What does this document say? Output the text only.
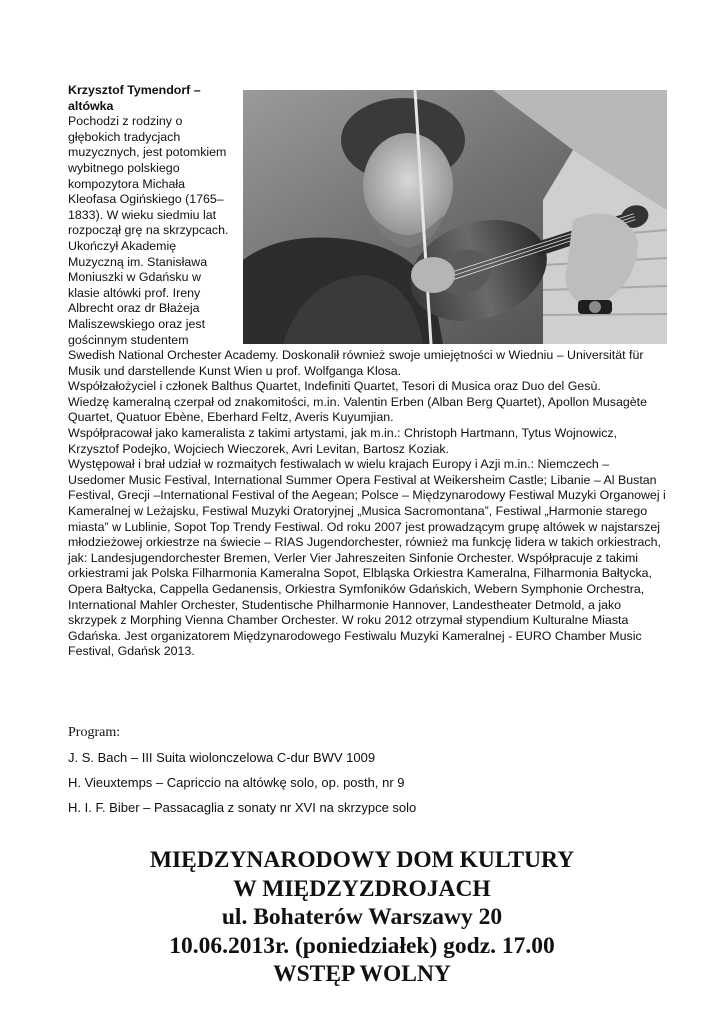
Krzysztof Tymendorf –
altówka

Pochodzi z rodziny o głębokich tradycjach muzycznych, jest potomkiem wybitnego polskiego kompozytora Michała Kleofasa Ogińskiego (1765–1833). W wieku siedmiu lat rozpoczął grę na skrzypcach. Ukończył Akademię Muzyczną im. Stanisława Moniuszki w Gdańsku w klasie altówki prof. Ireny Albrecht oraz dr Błażeja Maliszewskiego oraz jest gościnnym studentem Swedish National Orchester Academy. Doskonalił również swoje umiejętności w Wiedniu – Universität für Musik und darstellende Kunst Wien u prof. Wolfganga Klosa.

Współzałożyciel i członek Balthus Quartet, Indefiniti Quartet, Tesori di Musica oraz Duo del Gesù.

Wiedzę kameralną czerpał od znakomitości, m.in. Valentin Erben (Alban Berg Quartet), Apollon Musagète Quartet, Quatuor Ebène, Eberhard Feltz, Averis Kuyumjian.

Współpracował jako kameralista z takimi artystami, jak m.in.: Christoph Hartmann, Tytus Wojnowicz, Krzysztof Podejko, Wojciech Wieczorek, Avri Levitan, Bartosz Koziak.

Występował i brał udział w rozmaitych festiwalach w wielu krajach Europy i Azji m.in.: Niemczech – Usedomer Music Festival, International Summer Opera Festival at Weikersheim Castle; Libanie – Al Bustan Festival, Grecji –International Festival of the Aegean; Polsce – Międzynarodowy Festiwal Muzyki Organowej i Kameralnej w Leżajsku, Festiwal Muzyki Oratoryjnej „Musica Sacromontana”, Festiwal „Harmonie starego miasta” w Lublinie, Sopot Top Trendy Festiwal. Od roku 2007 jest prowadzącym grupę altówek w najstarszej młodzieżowej orkiestrze na świecie – RIAS Jugendorchester, również ma funkcję lidera w takich orkiestrach, jak: Landesjugendorchester Bremen, Verler Vier Jahreszeiten Sinfonie Orchester. Współpracuje z takimi orkiestrami jak Polska Filharmonia Kameralna Sopot, Elbląska Orkiestra Kameralna, Filharmonia Bałtycka, Opera Bałtycka, Cappella Gedanensis, Orkiestra Symfoników Gdańskich, Webern Symphonie Orchestra, International Mahler Orchester, Studentische Philharmonie Hannover, Landestheater Detmold, a jako skrzypek z Morphing Vienna Chamber Orchester. W roku 2012 otrzymał stypendium Kulturalne Miasta Gdańska. Jest organizatorem Międzynarodowego Festiwalu Muzyki Kameralnej - EURO Chamber Music Festival, Gdańsk 2013.

Program:
J. S. Bach – III Suita wiolonczelowa C-dur BWV 1009
H. Vieuxtemps – Capriccio na altówkę solo, op. posth, nr 9
H. I. F. Biber – Passacaglia z sonaty nr XVI na skrzypce solo
MIĘDZYNARODOWY DOM KULTURY
W MIĘDZYZDROJACH
ul. Bohaterów Warszawy 20
10.06.2013r. (poniedziałek) godz. 17.00
WSTĘP WOLNY
